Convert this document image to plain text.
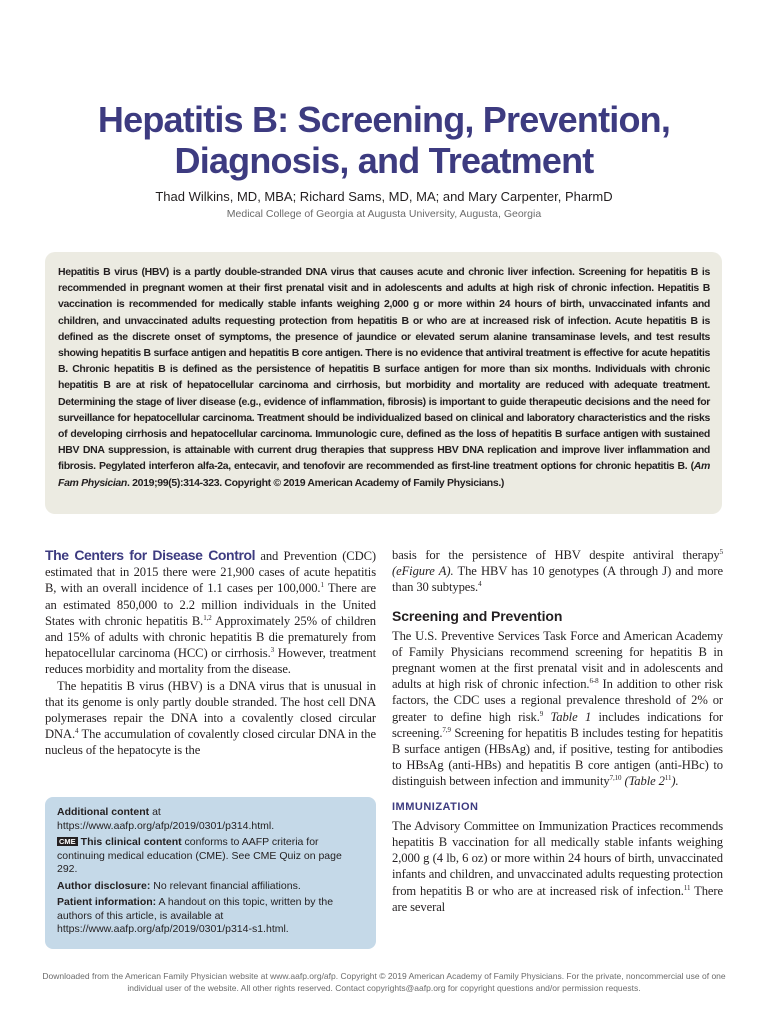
Hepatitis B: Screening, Prevention,
Diagnosis, and Treatment
Thad Wilkins, MD, MBA; Richard Sams, MD, MA; and Mary Carpenter, PharmD
Medical College of Georgia at Augusta University, Augusta, Georgia

Hepatitis B virus (HBV) is a partly double-stranded DNA virus that causes acute and chronic liver infection. Screening for hepatitis B is recommended in pregnant women at their first prenatal visit and in adolescents and adults at high risk of chronic infection. Hepatitis B vaccination is recommended for medically stable infants weighing 2,000 g or more within 24 hours of birth, unvaccinated infants and children, and unvaccinated adults requesting protection from hepatitis B or who are at increased risk of infection. Acute hepatitis B is defined as the discrete onset of symptoms, the presence of jaundice or elevated serum alanine transaminase levels, and test results showing hepatitis B surface antigen and hepatitis B core antigen. There is no evidence that antiviral treatment is effective for acute hepatitis B. Chronic hepatitis B is defined as the persistence of hepatitis B surface antigen for more than six months. Individuals with chronic hepatitis B are at risk of hepatocellular carcinoma and cirrhosis, but morbidity and mortality are reduced with adequate treatment. Determining the stage of liver disease (e.g., evidence of inflammation, fibrosis) is important to guide therapeutic decisions and the need for surveillance for hepatocellular carcinoma. Treatment should be individualized based on clinical and laboratory characteristics and the risks of developing cirrhosis and hepatocellular carcinoma. Immunologic cure, defined as the loss of hepatitis B surface antigen with sustained HBV DNA suppression, is attainable with current drug therapies that suppress HBV DNA replication and improve liver inflammation and fibrosis. Pegylated interferon alfa-2a, entecavir, and tenofovir are recommended as first-line treatment options for chronic hepatitis B. (Am Fam Physician. 2019;99(5):314-323. Copyright © 2019 American Academy of Family Physicians.)

The Centers for Disease Control and Prevention (CDC) estimated that in 2015 there were 21,900 cases of acute hepatitis B, with an overall incidence of 1.1 cases per 100,000.$^1$ There are an estimated 850,000 to 2.2 million individuals in the United States with chronic hepatitis B.$^{1,2}$ Approximately 25% of children and 15% of adults with chronic hepatitis B die prematurely from hepatocellular carcinoma (HCC) or cirrhosis.$^3$ However, treatment reduces morbidity and mortality from the disease.

The hepatitis B virus (HBV) is a DNA virus that is unusual in that its genome is only partly double stranded. The host cell DNA polymerases repair the DNA into a covalently closed circular DNA.$^4$ The accumulation of covalently closed circular DNA in the nucleus of the hepatocyte is the

Additional content at https://www.aafp.org/afp/2019/0301/p314.html.

CME This clinical content conforms to AAFP criteria for continuing medical education (CME). See CME Quiz on page 292.

Author disclosure: No relevant financial affiliations.

Patient information: A handout on this topic, written by the authors of this article, is available at https://www.aafp.org/afp/2019/0301/p314-s1.html.

basis for the persistence of HBV despite antiviral therapy$^5$ (eFigure A). The HBV has 10 genotypes (A through J) and more than 30 subtypes.$^4$

Screening and Prevention

The U.S. Preventive Services Task Force and American Academy of Family Physicians recommend screening for hepatitis B in pregnant women at the first prenatal visit and in adolescents and adults at high risk of chronic infection.$^{6-8}$ In addition to other risk factors, the CDC uses a regional prevalence threshold of 2% or greater to define high risk.$^9$ Table 1 includes indications for screening.$^{7,9}$ Screening for hepatitis B includes testing for hepatitis B surface antigen (HBsAg) and, if positive, testing for antibodies to HBsAg (anti-HBs) and hepatitis B core antigen (anti-HBc) to distinguish between infection and immunity$^{7,10}$ (Table $2^{11}$).

IMMUNIZATION

The Advisory Committee on Immunization Practices recommends hepatitis B vaccination for all medically stable infants weighing 2,000 g (4 lb, 6 oz) or more within 24 hours of birth, unvaccinated infants and children, and unvaccinated adults requesting protection from hepatitis B or who are at increased risk of infection.$^{11}$ There are several

Downloaded from the American Family Physician website at www.aafp.org/afp. Copyright © 2019 American Academy of Family Physicians. For the private, noncommercial use of one individual user of the website. All other rights reserved. Contact copyrights@aafp.org for copyright questions and/or permission requests.
